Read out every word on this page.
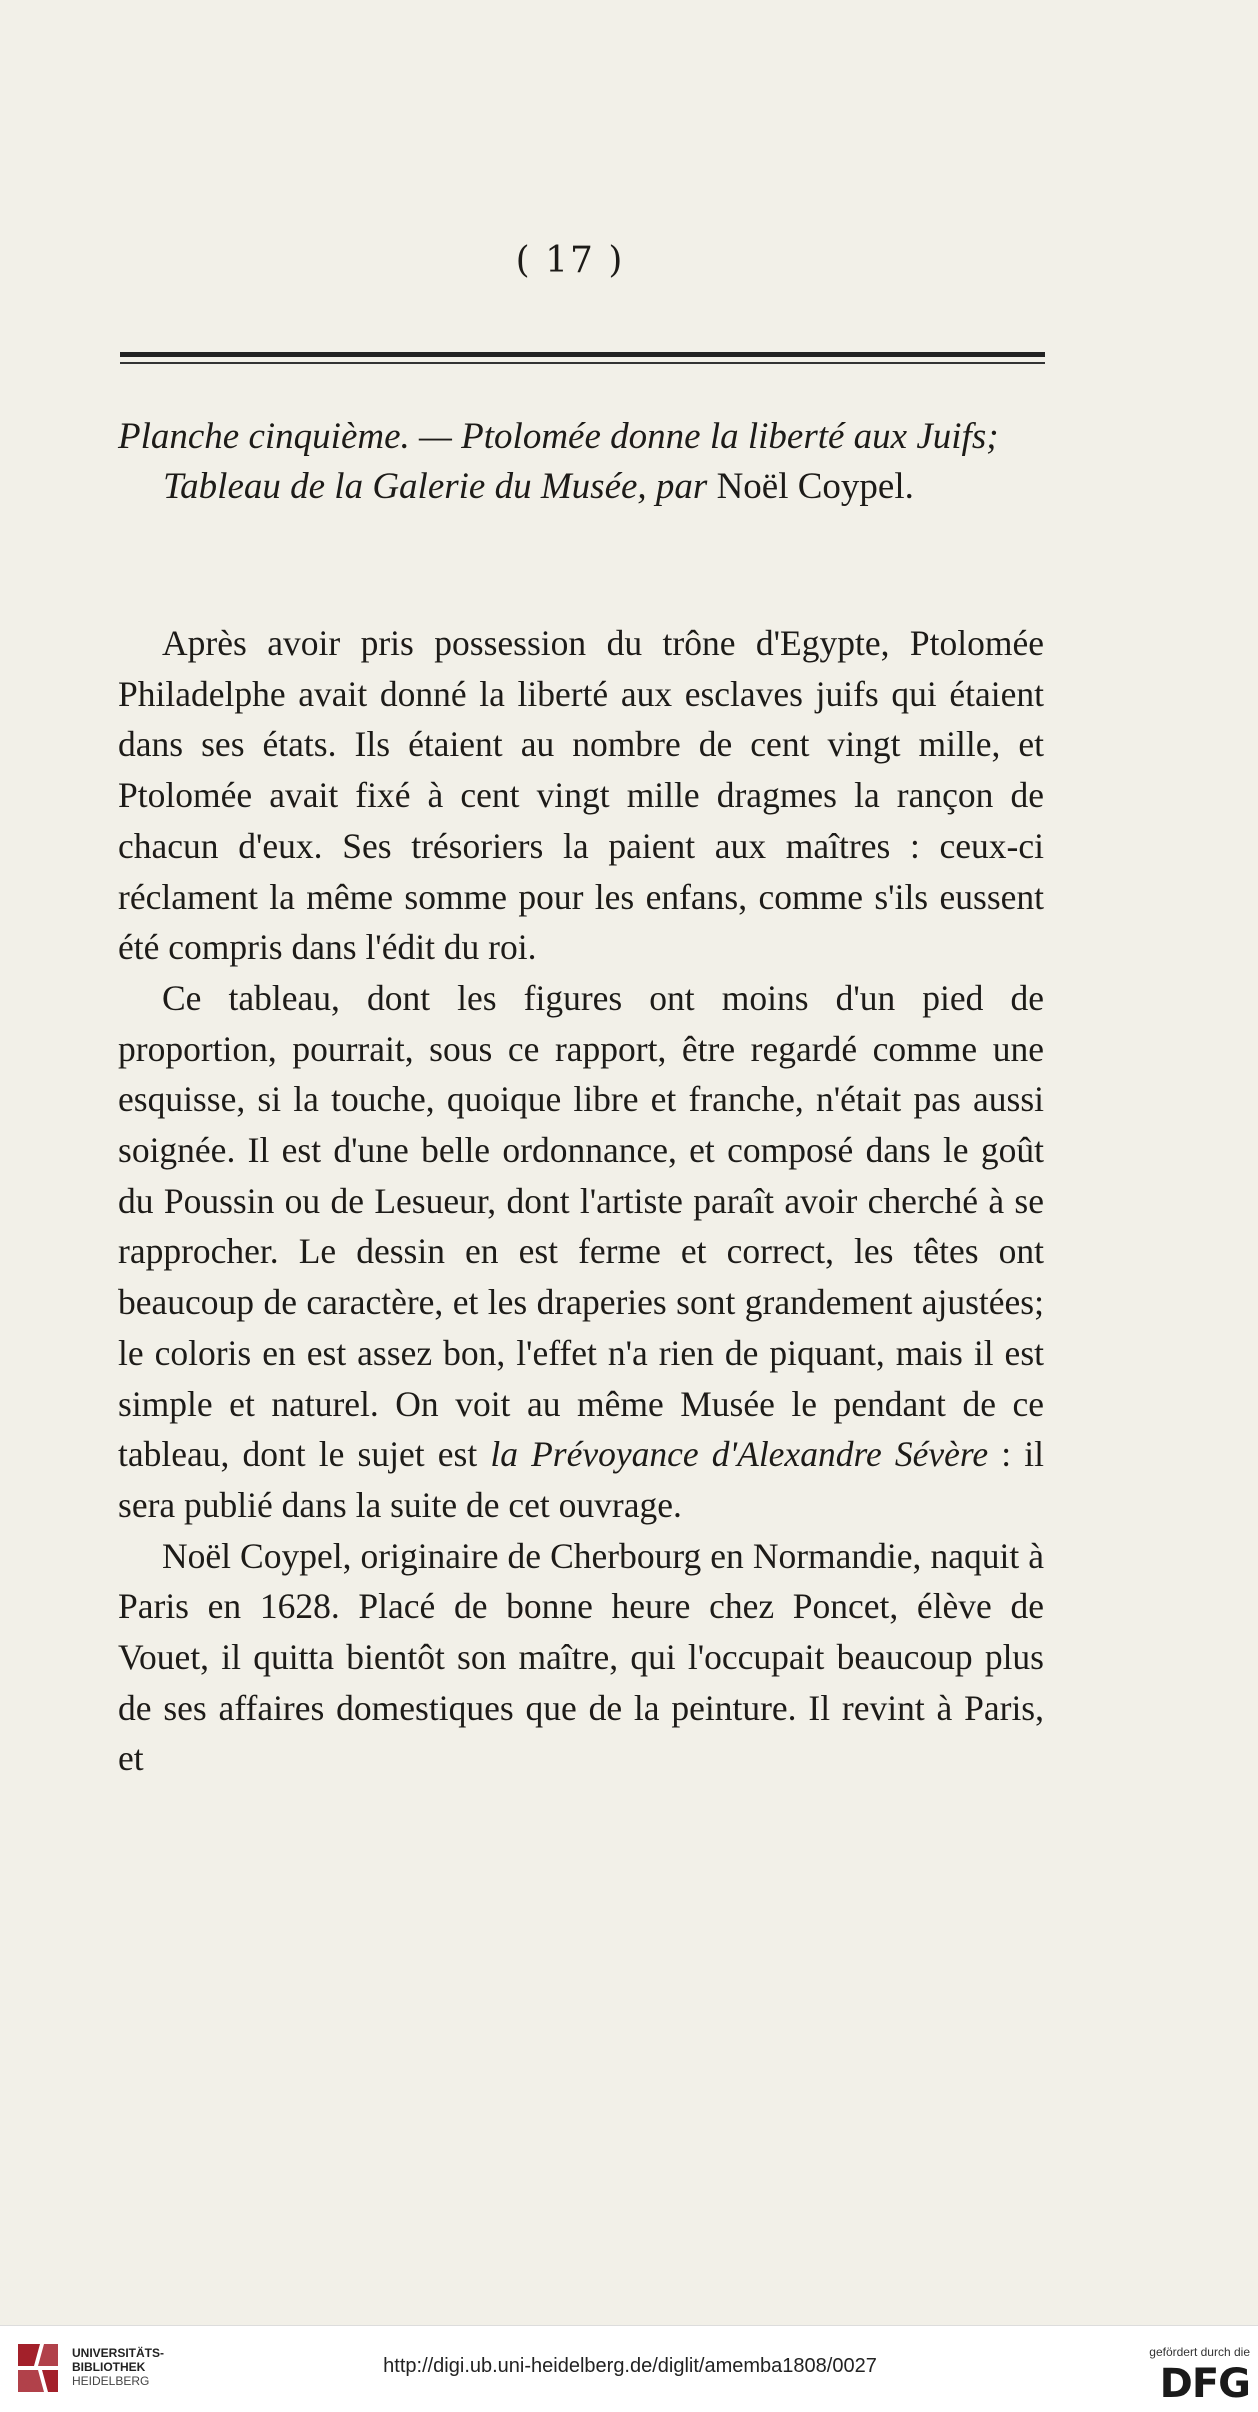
( 17 )
Planche cinquième. — Ptolomée donne la liberté aux Juifs; Tableau de la Galerie du Musée, par Noël Coypel.

Après avoir pris possession du trône d'Egypte, Ptolomée Philadelphe avait donné la liberté aux esclaves juifs qui étaient dans ses états. Ils étaient au nombre de cent vingt mille, et Ptolomée avait fixé à cent vingt mille dragmes la rançon de chacun d'eux. Ses trésoriers la paient aux maîtres : ceux-ci réclament la même somme pour les enfans, comme s'ils eussent été compris dans l'édit du roi.

Ce tableau, dont les figures ont moins d'un pied de proportion, pourrait, sous ce rapport, être regardé comme une esquisse, si la touche, quoique libre et franche, n'était pas aussi soignée. Il est d'une belle ordonnance, et composé dans le goût du Poussin ou de Lesueur, dont l'artiste paraît avoir cherché à se rapprocher. Le dessin en est ferme et correct, les têtes ont beaucoup de caractère, et les draperies sont grandement ajustées; le coloris en est assez bon, l'effet n'a rien de piquant, mais il est simple et naturel. On voit au même Musée le pendant de ce tableau, dont le sujet est la Prévoyance d'Alexandre Sévère : il sera publié dans la suite de cet ouvrage.

Noël Coypel, originaire de Cherbourg en Normandie, naquit à Paris en 1628. Placé de bonne heure chez Poncet, élève de Vouet, il quitta bientôt son maître, qui l'occupait beaucoup plus de ses affaires domestiques que de la peinture. Il revint à Paris, et

UNIVERSITÄTS-
BIBLIOTHEK
HEIDELBERG
http://digi.ub.uni-heidelberg.de/diglit/amemba1808/0027
gefördert durch die
DFG
